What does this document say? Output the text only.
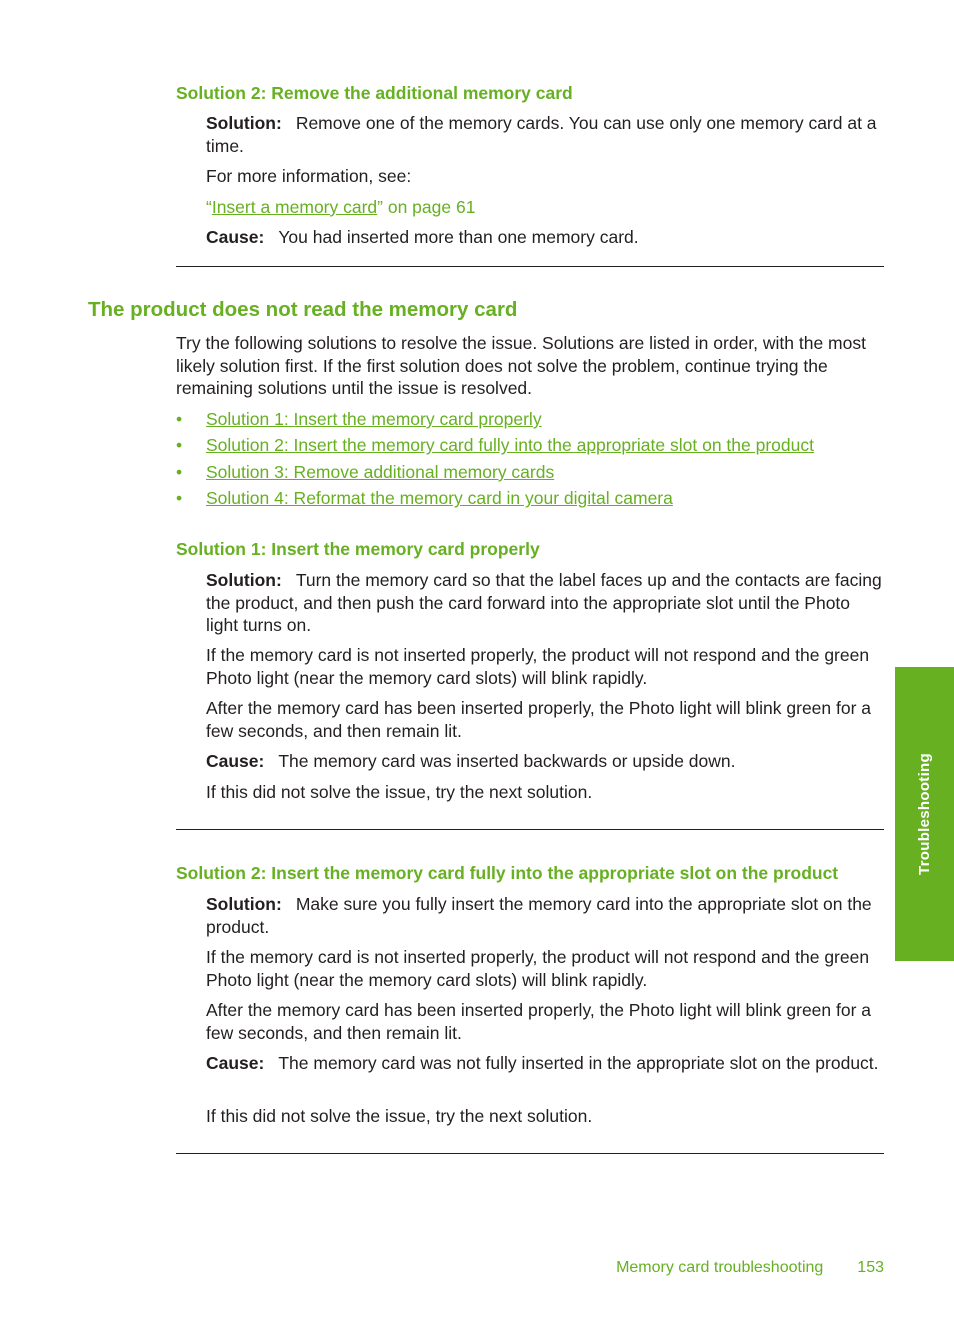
Solution 2: Remove the additional memory card

Solution: Remove one of the memory cards. You can use only one memory card at a time.

For more information, see:

“Insert a memory card” on page 61

Cause: You had inserted more than one memory card.

The product does not read the memory card

Try the following solutions to resolve the issue. Solutions are listed in order, with the most likely solution first. If the first solution does not solve the problem, continue trying the remaining solutions until the issue is resolved.

• Solution 1: Insert the memory card properly
• Solution 2: Insert the memory card fully into the appropriate slot on the product
• Solution 3: Remove additional memory cards
• Solution 4: Reformat the memory card in your digital camera
Solution 1: Insert the memory card properly

Solution: Turn the memory card so that the label faces up and the contacts are facing the product, and then push the card forward into the appropriate slot until the Photo light turns on.

If the memory card is not inserted properly, the product will not respond and the green Photo light (near the memory card slots) will blink rapidly.

After the memory card has been inserted properly, the Photo light will blink green for a few seconds, and then remain lit.

Cause: The memory card was inserted backwards or upside down.

If this did not solve the issue, try the next solution.

Solution 2: Insert the memory card fully into the appropriate slot on the product

Solution: Make sure you fully insert the memory card into the appropriate slot on the product.

If the memory card is not inserted properly, the product will not respond and the green Photo light (near the memory card slots) will blink rapidly.

After the memory card has been inserted properly, the Photo light will blink green for a few seconds, and then remain lit.

Cause: The memory card was not fully inserted in the appropriate slot on the product.

If this did not solve the issue, try the next solution.

Troubleshooting
Memory card troubleshooting 153
